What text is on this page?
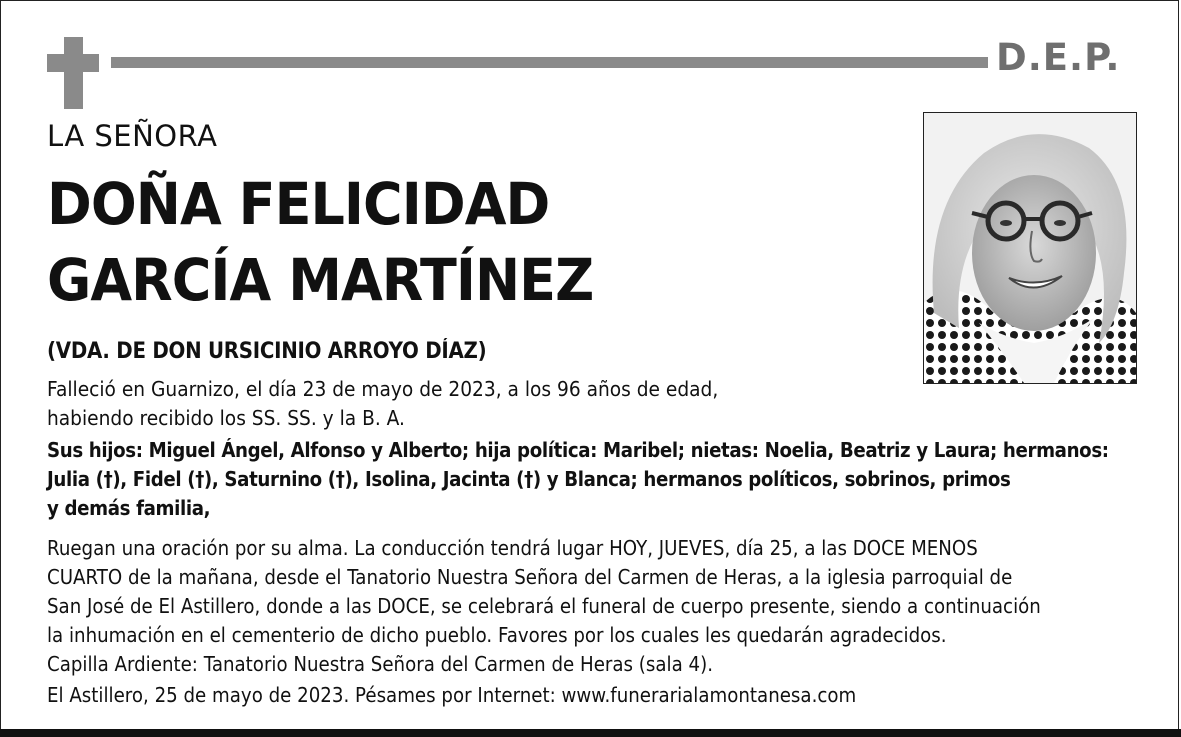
D.E.P.
LA SEÑORA
DOÑA FELICIDAD
GARCÍA MARTÍNEZ
(VDA. DE DON URSICINIO ARROYO DÍAZ)
Falleció en Guarnizo, el día 23 de mayo de 2023, a los 96 años de edad,
habiendo recibido los SS. SS. y la B. A.
Sus hijos: Miguel Ángel, Alfonso y Alberto; hija política: Maribel; nietas: Noelia, Beatriz y Laura; hermanos:
Julia (†), Fidel (†), Saturnino (†), Isolina, Jacinta (†) y Blanca; hermanos políticos, sobrinos, primos
y demás familia,
Ruegan una oración por su alma. La conducción tendrá lugar HOY, JUEVES, día 25, a las DOCE MENOS
CUARTO de la mañana, desde el Tanatorio Nuestra Señora del Carmen de Heras, a la iglesia parroquial de
San José de El Astillero, donde a las DOCE, se celebrará el funeral de cuerpo presente, siendo a continuación
la inhumación en el cementerio de dicho pueblo. Favores por los cuales les quedarán agradecidos.
Capilla Ardiente: Tanatorio Nuestra Señora del Carmen de Heras (sala 4).
El Astillero, 25 de mayo de 2023. Pésames por Internet: www.funerarialamontanesa.com
